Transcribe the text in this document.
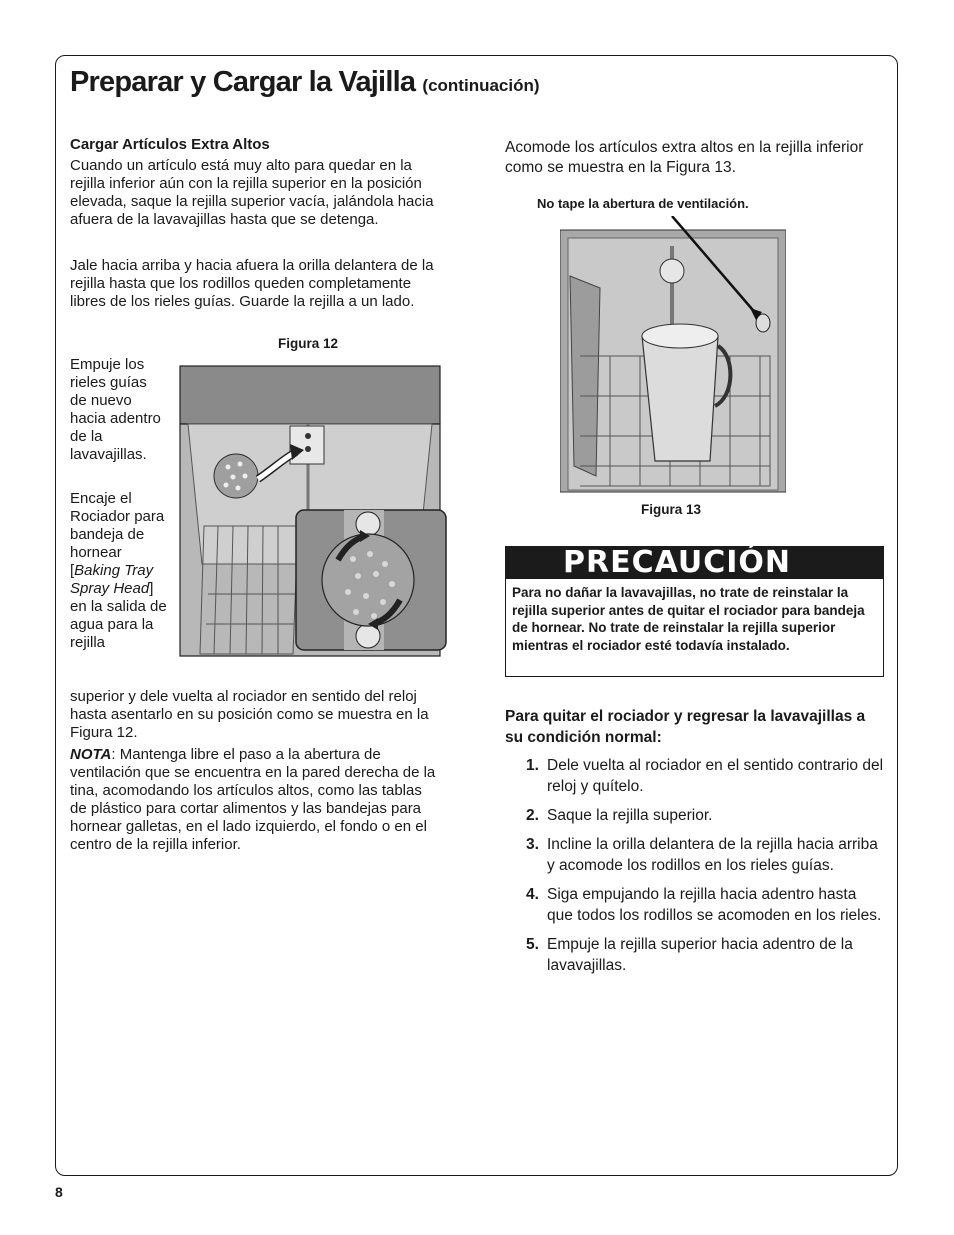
Preparar y Cargar la Vajilla (continuación)

Cargar Artículos Extra Altos

Cuando un artículo está muy alto para quedar en la rejilla inferior aún con la rejilla superior en la posición elevada, saque la rejilla superior vacía, jalándola hacia afuera de la lavavajillas hasta que se detenga.

Jale hacia arriba y hacia afuera la orilla delantera de la rejilla hasta que los rodillos queden completamente libres de los rieles guías. Guarde la rejilla a un lado.

Empuje los rieles guías de nuevo hacia adentro de la lavavajillas.

Encaje el Rociador para bandeja de hornear [Baking Tray Spray Head] en la salida de agua para la rejilla

superior y dele vuelta al rociador en sentido del reloj hasta asentarlo en su posición como se muestra en la Figura 12.

NOTA: Mantenga libre el paso a la abertura de ventilación que se encuentra en la pared derecha de la tina, acomodando los artículos altos, como las tablas de plástico para cortar alimentos y las bandejas para hornear galletas, en el lado izquierdo, el fondo o en el centro de la rejilla inferior.

Figura 12

Acomode los artículos extra altos en la rejilla inferior como se muestra en la Figura 13.

No tape la abertura de ventilación.
Figura 13
PRECAUCIÓN

Para no dañar la lavavajillas, no trate de reinstalar la rejilla superior antes de quitar el rociador para bandeja de hornear. No trate de reinstalar la rejilla superior mientras el rociador esté todavía instalado.

Para quitar el rociador y regresar la lavavajillas a su condición normal:

1. Dele vuelta al rociador en el sentido contrario del reloj y quítelo.
2. Saque la rejilla superior.
3. Incline la orilla delantera de la rejilla hacia arriba y acomode los rodillos en los rieles guías.
4. Siga empujando la rejilla hacia adentro hasta que todos los rodillos se acomoden en los rieles.
5. Empuje la rejilla superior hacia adentro de la lavavajillas.
8
